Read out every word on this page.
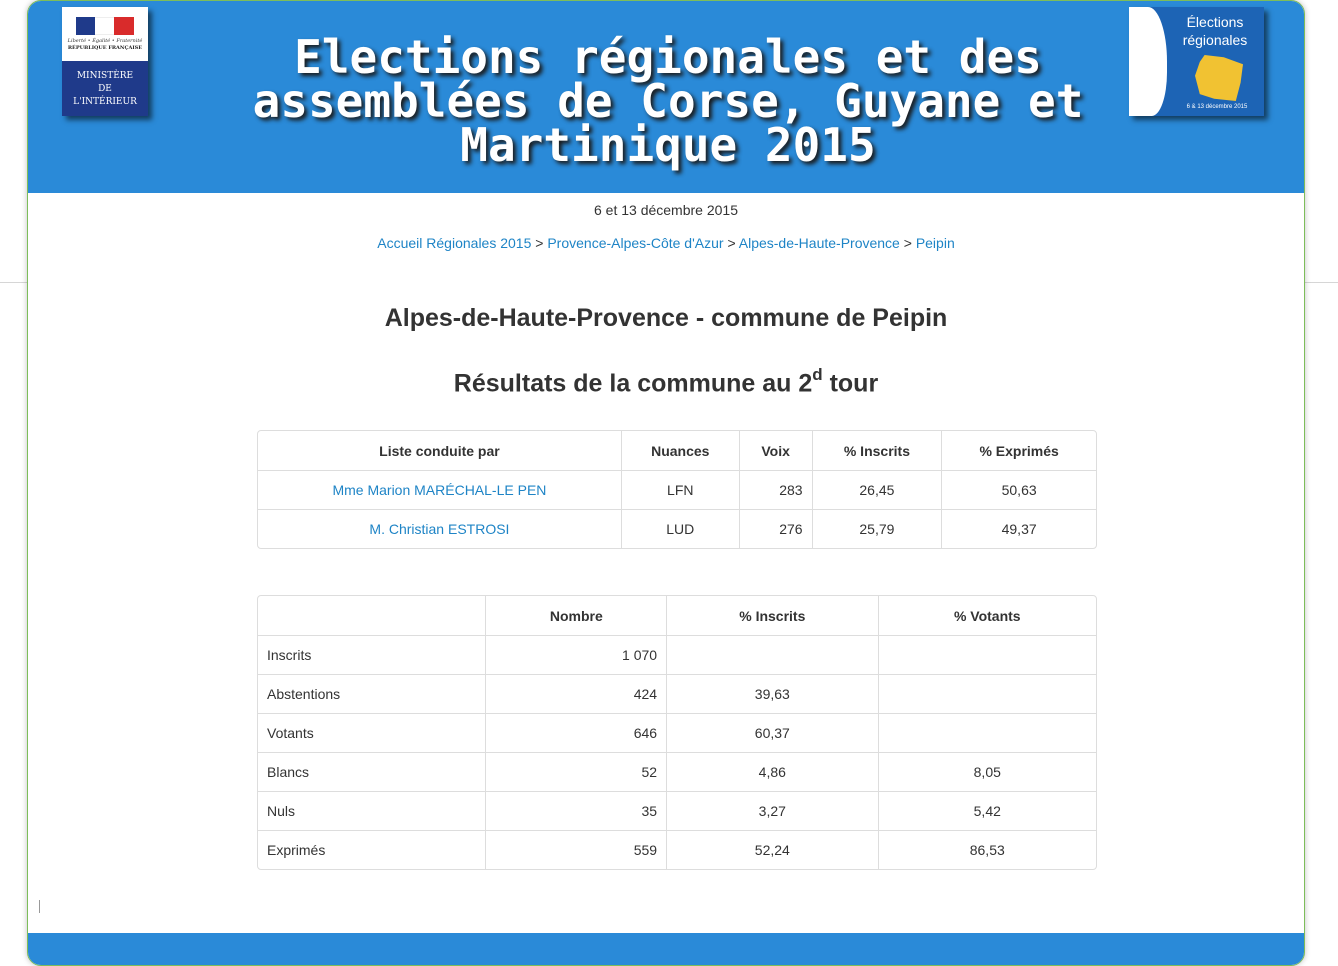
Liberté • Égalité • Fraternité
RÉPUBLIQUE FRANÇAISE
MINISTÈRE
DE
L'INTÉRIEUR
Elections régionales et des assemblées de Corse, Guyane et Martinique 2015
Élections
régionales
6 & 13 décembre 2015
6 et 13 décembre 2015
Accueil Régionales 2015 > Provence-Alpes-Côte d'Azur > Alpes-de-Haute-Provence > Peipin
Alpes-de-Haute-Provence - commune de Peipin
Résultats de la commune au 2$^d$ tour
Liste conduite par	Nuances	Voix	% Inscrits	% Exprimés
Mme Marion MARÉCHAL-LE PEN	LFN	283	26,45	50,63
M. Christian ESTROSI	LUD	276	25,79	49,37
	Nombre	% Inscrits	% Votants
Inscrits	1 070		
Abstentions	424	39,63	
Votants	646	60,37	
Blancs	52	4,86	8,05
Nuls	35	3,27	5,42
Exprimés	559	52,24	86,53
